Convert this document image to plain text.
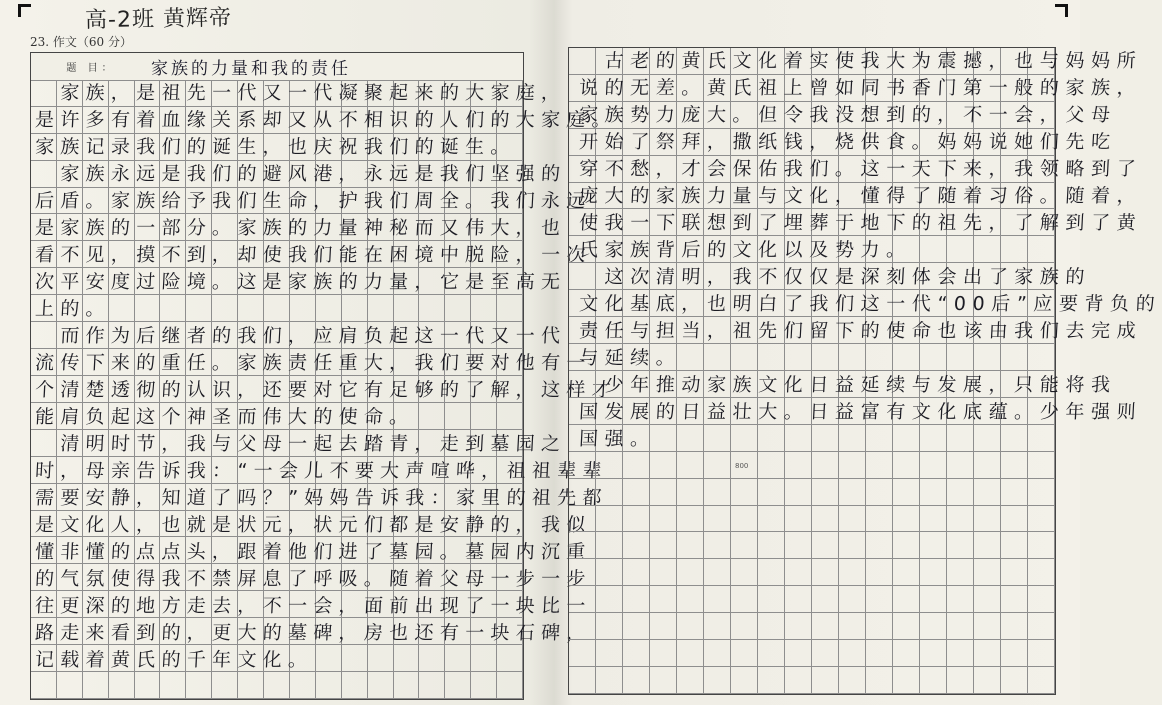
高-2班 黄辉帝
23. 作文（60 分）
题 目：	家族的力量和我的责任
　家族，是祖先一代又一代凝聚起来的大家庭，
是许多有着血缘关系却又从不相识的人们的大家庭。
家族记录我们的诞生，也庆祝我们的诞生。
　家族永远是我们的避风港，永远是我们坚强的
后盾。家族给予我们生命，护我们周全。我们永远
是家族的一部分。家族的力量神秘而又伟大，也
看不见，摸不到，却使我们能在困境中脱险，一次
次平安度过险境。这是家族的力量，它是至高无
上的。
　而作为后继者的我们，应肩负起这一代又一代
流传下来的重任。家族责任重大，我们要对他有一
个清楚透彻的认识，还要对它有足够的了解，这样才
能肩负起这个神圣而伟大的使命。
　清明时节，我与父母一起去踏青，走到墓园之
时，母亲告诉我：“一会儿不要大声喧哗，祖祖辈辈
需要安静，知道了吗？”妈妈告诉我：家里的祖先都
是文化人，也就是状元，状元们都是安静的，我似
懂非懂的点点头，跟着他们进了墓园。墓园内沉重
的气氛使得我不禁屏息了呼吸。随着父母一步一步
往更深的地方走去，不一会，面前出现了一块比一
路走来看到的，更大的墓碑，房也还有一块石碑，
记载着黄氏的千年文化。
　古老的黄氏文化着实使我大为震撼，也与妈妈所
说的无差。黄氏祖上曾如同书香门第一般的家族，
家族势力庞大。但令我没想到的，不一会，父母
开始了祭拜，撒纸钱，烧供食。妈妈说她们先吃
穿不愁，才会保佑我们。这一天下来，我领略到了
庞大的家族力量与文化，懂得了随着习俗。随着，
使我一下联想到了埋葬于地下的祖先，了解到了黄
氏家族背后的文化以及势力。
　这次清明，我不仅仅是深刻体会出了家族的
文化基底，也明白了我们这一代“00后”应要背负的
责任与担当，祖先们留下的使命也该由我们去完成
与延续。
　少年推动家族文化日益延续与发展，只能将我
国发展的日益壮大。日益富有文化底蕴。少年强则
国强。
800
